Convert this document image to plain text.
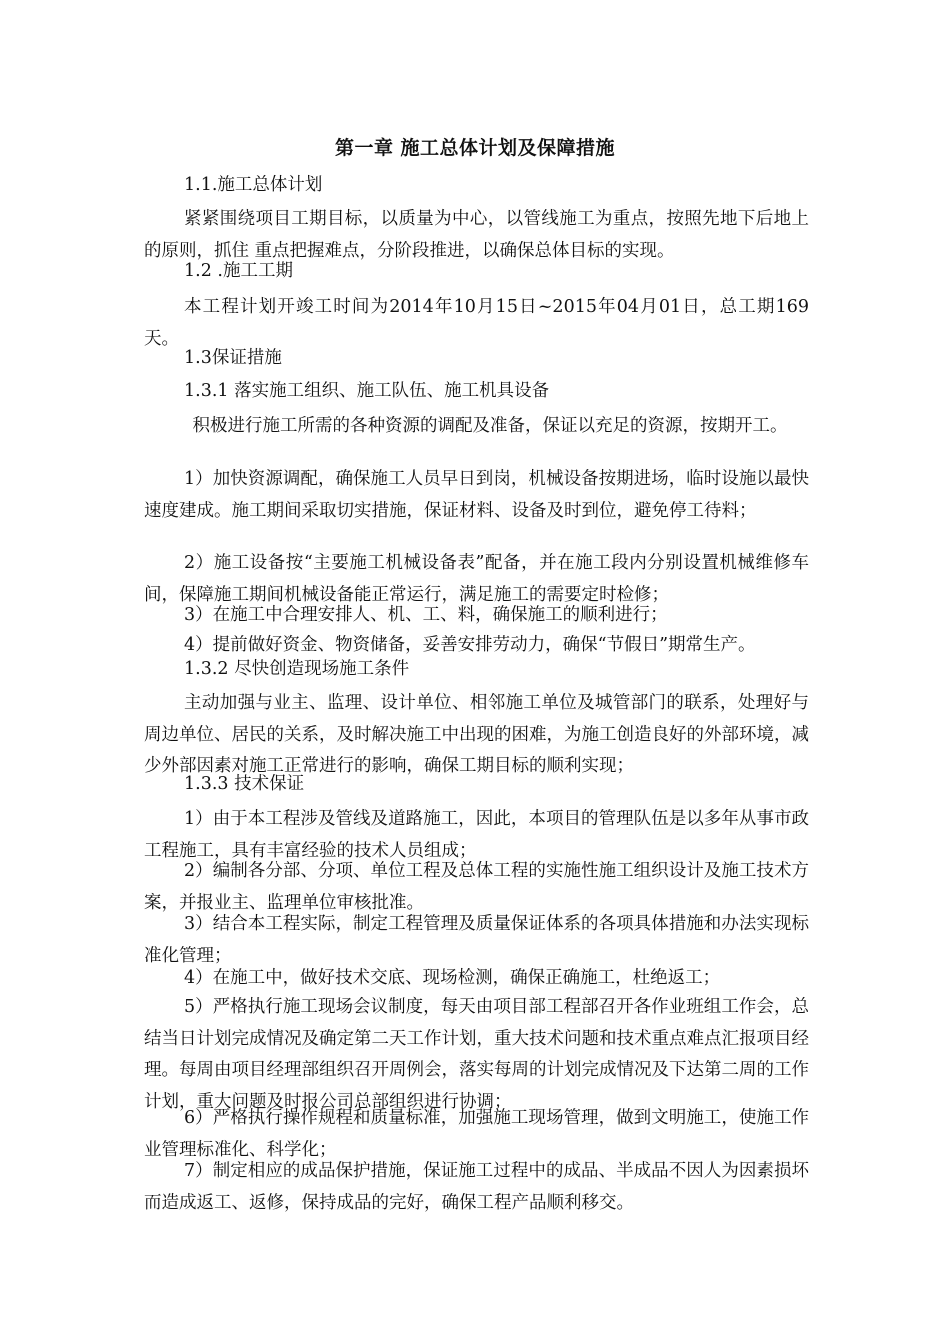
第一章 施工总体计划及保障措施
1.1.施工总体计划
紧紧围绕项目工期目标，以质量为中心，以管线施工为重点，按照先地下后地上的原则，抓住 重点把握难点，分阶段推进，以确保总体目标的实现。
1.2 .施工工期
本工程计划开竣工时间为2014年10月15日~2015年04月01日，总工期169天。
1.3保证措施
1.3.1 落实施工组织、施工队伍、施工机具设备
积极进行施工所需的各种资源的调配及准备，保证以充足的资源，按期开工。
1）加快资源调配，确保施工人员早日到岗，机械设备按期进场，临时设施以最快速度建成。施工期间采取切实措施，保证材料、设备及时到位，避免停工待料；
2）施工设备按“主要施工机械设备表”配备，并在施工段内分别设置机械维修车间，保障施工期间机械设备能正常运行，满足施工的需要定时检修；
3）在施工中合理安排人、机、工、料，确保施工的顺利进行；
4）提前做好资金、物资储备，妥善安排劳动力，确保“节假日”期常生产。
1.3.2 尽快创造现场施工条件
主动加强与业主、监理、设计单位、相邻施工单位及城管部门的联系，处理好与周边单位、居民的关系，及时解决施工中出现的困难，为施工创造良好的外部环境，减少外部因素对施工正常进行的影响，确保工期目标的顺利实现；
1.3.3 技术保证
1）由于本工程涉及管线及道路施工，因此，本项目的管理队伍是以多年从事市政工程施工，具有丰富经验的技术人员组成；
2）编制各分部、分项、单位工程及总体工程的实施性施工组织设计及施工技术方案，并报业主、监理单位审核批准。
3）结合本工程实际，制定工程管理及质量保证体系的各项具体措施和办法实现标准化管理；
4）在施工中，做好技术交底、现场检测，确保正确施工，杜绝返工；
5）严格执行施工现场会议制度，每天由项目部工程部召开各作业班组工作会，总结当日计划完成情况及确定第二天工作计划，重大技术问题和技术重点难点汇报项目经理。每周由项目经理部组织召开周例会，落实每周的计划完成情况及下达第二周的工作计划，重大问题及时报公司总部组织进行协调；
6）严格执行操作规程和质量标准，加强施工现场管理，做到文明施工，使施工作业管理标准化、科学化；
7）制定相应的成品保护措施，保证施工过程中的成品、半成品不因人为因素损坏而造成返工、返修，保持成品的完好，确保工程产品顺利移交。
